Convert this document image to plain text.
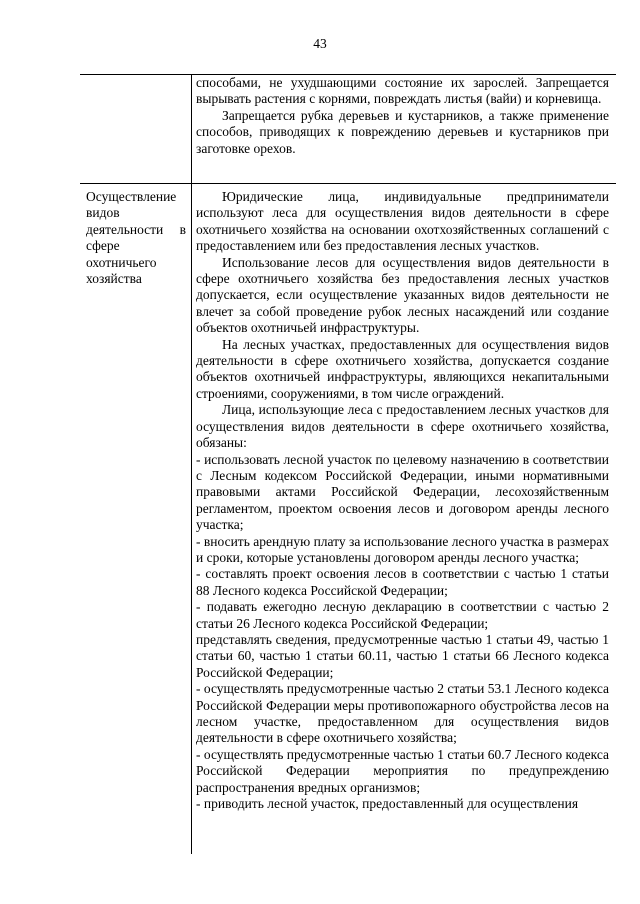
43

способами, не ухудшающими состояние их зарослей. Запрещается вырывать растения с корнями, повреждать листья (вайи) и корневища.

Запрещается рубка деревьев и кустарников, а также применение способов, приводящих к повреждению деревьев и кустарников при заготовке орехов.

Осуществление
видов
деятельности в
сфере
охотничьего
хозяйства

Юридические лица, индивидуальные предприниматели используют леса для осуществления видов деятельности в сфере охотничьего хозяйства на основании охотхозяйственных соглашений с предоставлением или без предоставления лесных участков.

Использование лесов для осуществления видов деятельности в сфере охотничьего хозяйства без предоставления лесных участков допускается, если осуществление указанных видов деятельности не влечет за собой проведение рубок лесных насаждений или создание объектов охотничьей инфраструктуры.

На лесных участках, предоставленных для осуществления видов деятельности в сфере охотничьего хозяйства, допускается создание объектов охотничьей инфраструктуры, являющихся некапитальными строениями, сооружениями, в том числе ограждений.

Лица, использующие леса с предоставлением лесных участков для осуществления видов деятельности в сфере охотничьего хозяйства, обязаны:

- использовать лесной участок по целевому назначению в соответствии с Лесным кодексом Российской Федерации, иными нормативными правовыми актами Российской Федерации, лесохозяйственным регламентом, проектом освоения лесов и договором аренды лесного участка;

- вносить арендную плату за использование лесного участка в размерах и сроки, которые установлены договором аренды лесного участка;

- составлять проект освоения лесов в соответствии с частью 1 статьи 88 Лесного кодекса Российской Федерации;

- подавать ежегодно лесную декларацию в соответствии с частью 2 статьи 26 Лесного кодекса Российской Федерации;

представлять сведения, предусмотренные частью 1 статьи 49, частью 1 статьи 60, частью 1 статьи 60.11, частью 1 статьи 66 Лесного кодекса Российской Федерации;

- осуществлять предусмотренные частью 2 статьи 53.1 Лесного кодекса Российской Федерации меры противопожарного обустройства лесов на лесном участке, предоставленном для осуществления видов деятельности в сфере охотничьего хозяйства;

- осуществлять предусмотренные частью 1 статьи 60.7 Лесного кодекса Российской Федерации мероприятия по предупреждению распространения вредных организмов;

- приводить лесной участок, предоставленный для осуществления
